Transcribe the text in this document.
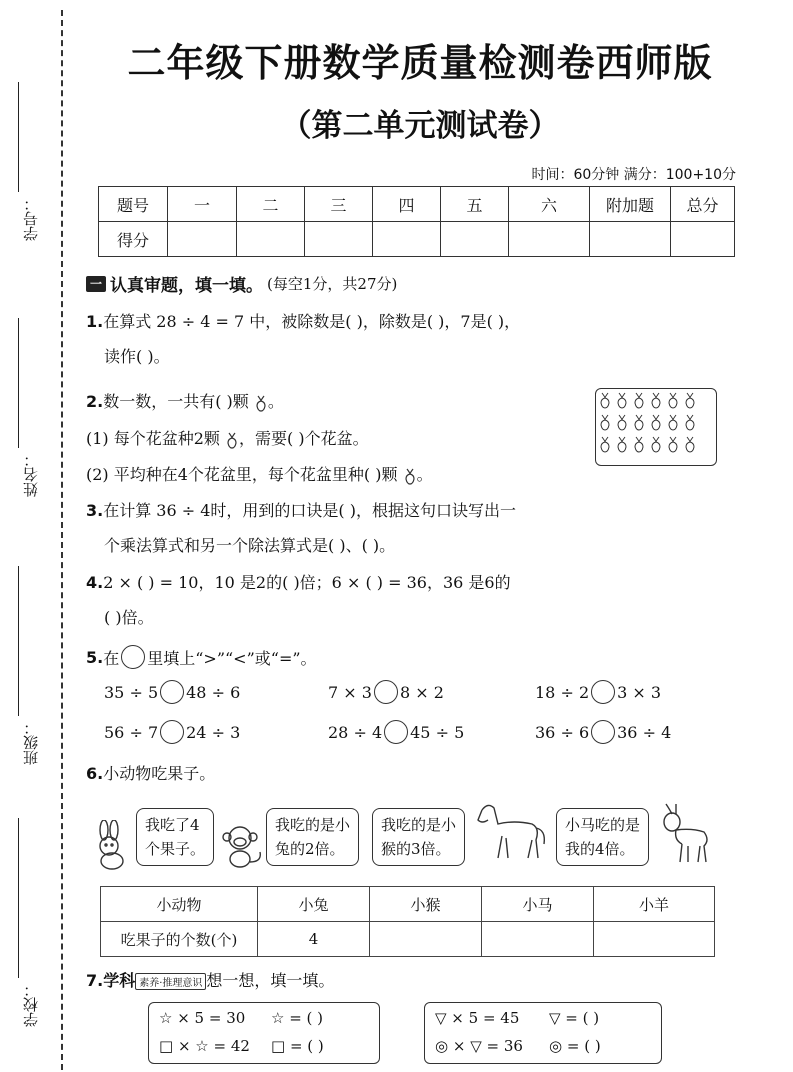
学号：
姓名：
班级：
学校：
二年级下册数学质量检测卷西师版
（第二单元测试卷）
时间：60分钟 满分：100+10分
题号	一	二	三	四	五	六	附加题	总分
得分								
一 认真审题，填一填。 (每空1分，共27分)
1.在算式 28 ÷ 4 = 7 中，被除数是( )，除数是( )，7是( )，
读作( )。
2.数一数，一共有( )颗 。
(1) 每个花盆种2颗 ，需要( )个花盆。
(2) 平均种在4个花盆里，每个花盆里种( )颗 。
3.在计算 36 ÷ 4时，用到的口诀是( )，根据这句口诀写出一
个乘法算式和另一个除法算式是( )、( )。
4.2 × ( ) = 10，10 是2的( )倍；6 × ( ) = 36，36 是6的
( )倍。
5. 在 里填上“>”“<”或“=”。
35 ÷ 5 48 ÷ 6	7 × 3 8 × 2	18 ÷ 2 3 × 3
56 ÷ 7 24 ÷ 3	28 ÷ 4 45 ÷ 5	36 ÷ 6 36 ÷ 4
6.小动物吃果子。
我吃了4
个果子。
我吃的是小
兔的2倍。
我吃的是小
猴的3倍。
小马吃的是
我的4倍。
小动物	小兔	小猴	小马	小羊
吃果子的个数(个)	4			
7.学科 素养·推理意识 想一想，填一填。
☆ × 5 = 30 ☆ = ( )
□ × ☆ = 42 □ = ( )
▽ × 5 = 45 ▽ = ( )
◎ × ▽ = 36 ◎ = ( )
